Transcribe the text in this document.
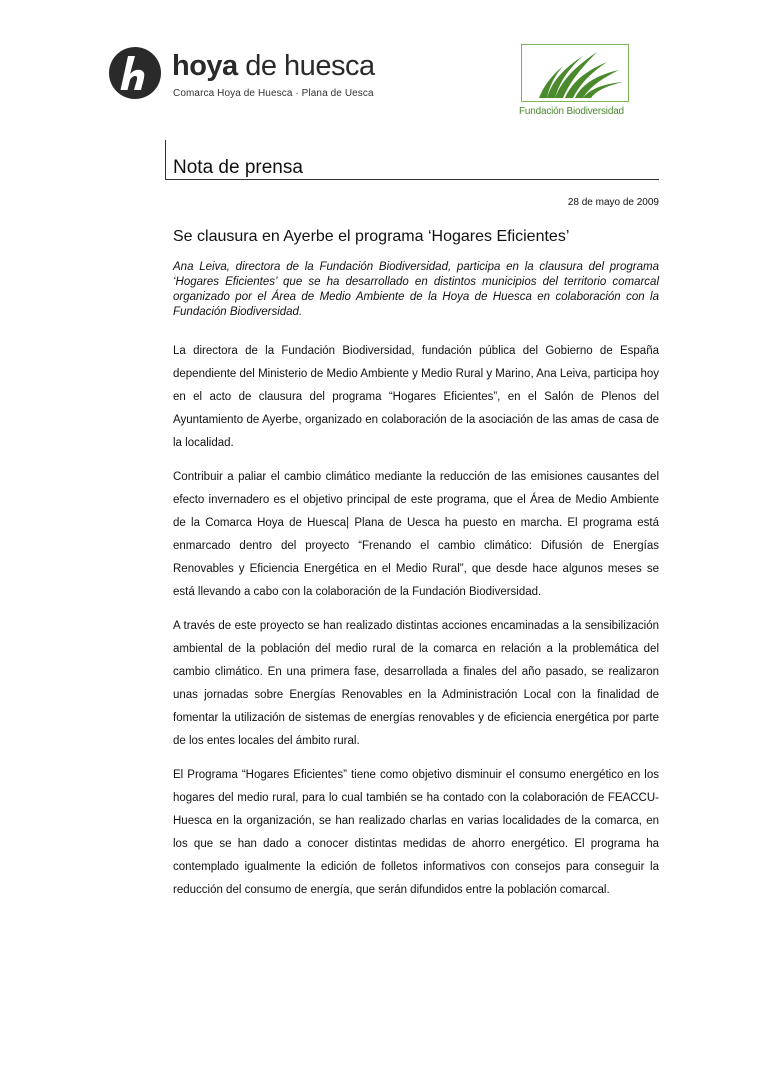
hoya de huesca
Comarca Hoya de Huesca · Plana de Uesca
Fundación Biodiversidad
Nota de prensa
28 de mayo de 2009
Se clausura en Ayerbe el programa ‘Hogares Eficientes’
Ana Leiva, directora de la Fundación Biodiversidad, participa en la clausura del programa ‘Hogares Eficientes’ que se ha desarrollado en distintos municipios del territorio comarcal organizado por el Área de Medio Ambiente de la Hoya de Huesca en colaboración con la Fundación Biodiversidad.

La directora de la Fundación Biodiversidad, fundación pública del Gobierno de España dependiente del Ministerio de Medio Ambiente y Medio Rural y Marino, Ana Leiva, participa hoy en el acto de clausura del programa “Hogares Eficientes”, en el Salón de Plenos del Ayuntamiento de Ayerbe, organizado en colaboración de la asociación de las amas de casa de la localidad.

Contribuir a paliar el cambio climático mediante la reducción de las emisiones causantes del efecto invernadero es el objetivo principal de este programa, que el Área de Medio Ambiente de la Comarca Hoya de Huesca| Plana de Uesca ha puesto en marcha. El programa está enmarcado dentro del proyecto “Frenando el cambio climático: Difusión de Energías Renovables y Eficiencia Energética en el Medio Rural”, que desde hace algunos meses se está llevando a cabo con la colaboración de la Fundación Biodiversidad.

A través de este proyecto se han realizado distintas acciones encaminadas a la sensibilización ambiental de la población del medio rural de la comarca en relación a la problemática del cambio climático. En una primera fase, desarrollada a finales del año pasado, se realizaron unas jornadas sobre Energías Renovables en la Administración Local con la finalidad de fomentar la utilización de sistemas de energías renovables y de eficiencia energética por parte de los entes locales del ámbito rural.

El Programa “Hogares Eficientes” tiene como objetivo disminuir el consumo energético en los hogares del medio rural, para lo cual también se ha contado con la colaboración de FEACCU-Huesca en la organización, se han realizado charlas en varias localidades de la comarca, en los que se han dado a conocer distintas medidas de ahorro energético. El programa ha contemplado igualmente la edición de folletos informativos con consejos para conseguir la reducción del consumo de energía, que serán difundidos entre la población comarcal.
